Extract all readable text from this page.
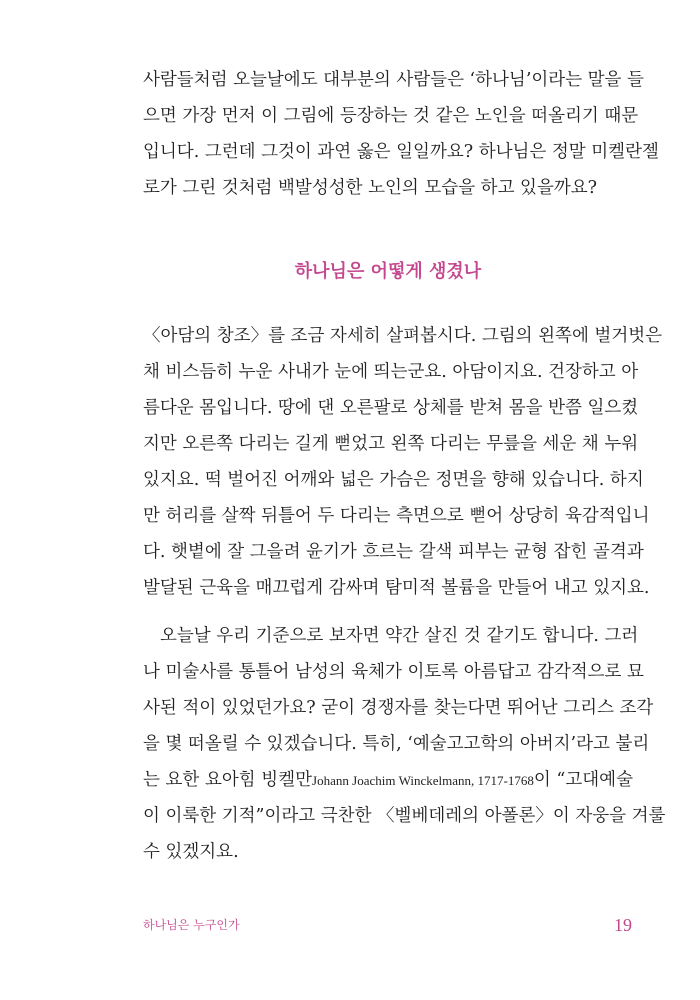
사람들처럼 오늘날에도 대부분의 사람들은 ‘하나님’이라는 말을 들
으면 가장 먼저 이 그림에 등장하는 것 같은 노인을 떠올리기 때문
입니다. 그런데 그것이 과연 옳은 일일까요? 하나님은 정말 미켈란젤
로가 그린 것처럼 백발성성한 노인의 모습을 하고 있을까요?
하나님은 어떻게 생겼나
〈아담의 창조〉를 조금 자세히 살펴봅시다. 그림의 왼쪽에 벌거벗은
채 비스듬히 누운 사내가 눈에 띄는군요. 아담이지요. 건장하고 아
름다운 몸입니다. 땅에 댄 오른팔로 상체를 받쳐 몸을 반쯤 일으켰
지만 오른쪽 다리는 길게 뻗었고 왼쪽 다리는 무릎을 세운 채 누워
있지요. 떡 벌어진 어깨와 넓은 가슴은 정면을 향해 있습니다. 하지
만 허리를 살짝 뒤틀어 두 다리는 측면으로 뻗어 상당히 육감적입니
다. 햇볕에 잘 그을려 윤기가 흐르는 갈색 피부는 균형 잡힌 골격과
발달된 근육을 매끄럽게 감싸며 탐미적 볼륨을 만들어 내고 있지요.
오늘날 우리 기준으로 보자면 약간 살진 것 같기도 합니다. 그러
나 미술사를 통틀어 남성의 육체가 이토록 아름답고 감각적으로 묘
사된 적이 있었던가요? 굳이 경쟁자를 찾는다면 뛰어난 그리스 조각
을 몇 떠올릴 수 있겠습니다. 특히, ‘예술고고학의 아버지’라고 불리
는 요한 요아힘 빙켈만Johann Joachim Winckelmann, 1717-1768이 “고대예술
이 이룩한 기적”이라고 극찬한 〈벨베데레의 아폴론〉이 자웅을 겨룰
수 있겠지요.
하나님은 누구인가	19
